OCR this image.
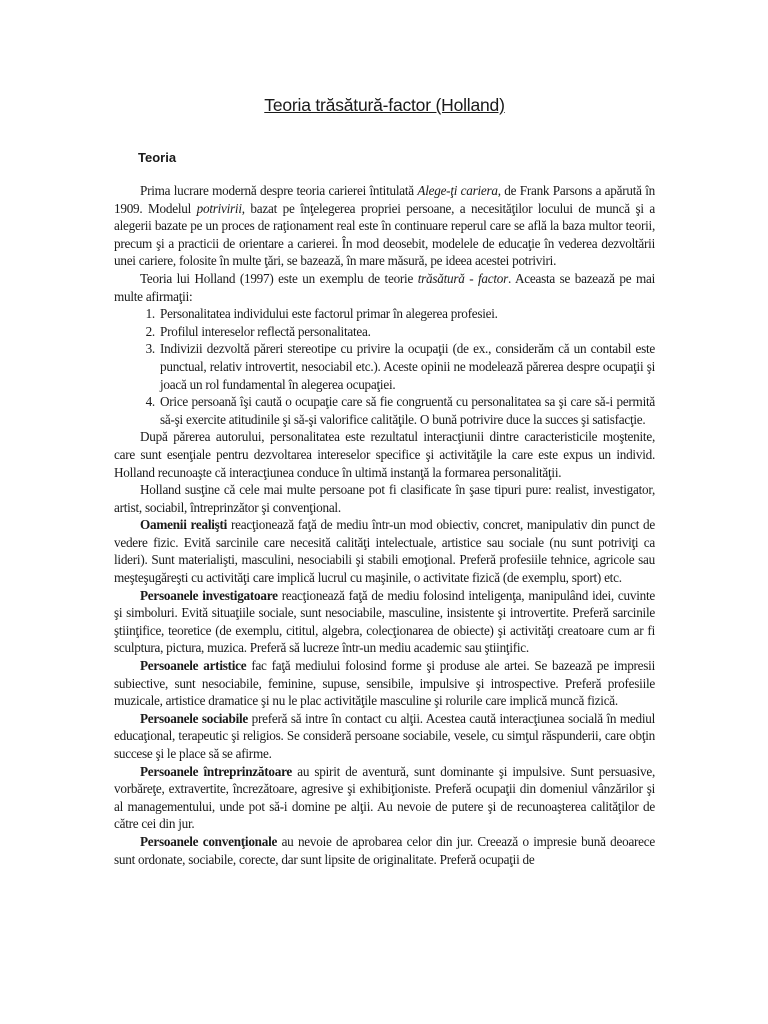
Teoria trăsătură-factor (Holland)
Teoria

Prima lucrare modernă despre teoria carierei întitulată Alege-ţi cariera, de Frank Parsons a apărută în 1909. Modelul potrivirii, bazat pe înţelegerea propriei persoane, a necesităţilor locului de muncă şi a alegerii bazate pe un proces de raţionament real este în continuare reperul care se află la baza multor teorii, precum şi a practicii de orientare a carierei. În mod deosebit, modelele de educaţie în vederea dezvoltării unei cariere, folosite în multe ţări, se bazează, în mare măsură, pe ideea acestei potriviri.

Teoria lui Holland (1997) este un exemplu de teorie trăsătură - factor. Aceasta se bazează pe mai multe afirmaţii:

1. Personalitatea individului este factorul primar în alegerea profesiei.
2. Profilul intereselor reflectă personalitatea.
3. Indivizii dezvoltă păreri stereotipe cu privire la ocupaţii (de ex., considerăm că un contabil este punctual, relativ introvertit, nesociabil etc.). Aceste opinii ne modelează părerea despre ocupaţii şi joacă un rol fundamental în alegerea ocupaţiei.
4. Orice persoană îşi caută o ocupaţie care să fie congruentă cu personalitatea sa şi care să-i permită să-şi exercite atitudinile şi să-şi valorifice calităţile. O bună potrivire duce la succes şi satisfacţie.

După părerea autorului, personalitatea este rezultatul interacţiunii dintre caracteristicile moştenite, care sunt esenţiale pentru dezvoltarea intereselor specifice şi activităţile la care este expus un individ. Holland recunoaşte că interacţiunea conduce în ultimă instanţă la formarea personalităţii.

Holland susţine că cele mai multe persoane pot fi clasificate în şase tipuri pure: realist, investigator, artist, sociabil, întreprinzător şi convenţional.

Oamenii realişti reacţionează faţă de mediu într-un mod obiectiv, concret, manipulativ din punct de vedere fizic. Evită sarcinile care necesită calităţi intelectuale, artistice sau sociale (nu sunt potriviţi ca lideri). Sunt materialişti, masculini, nesociabili şi stabili emoţional. Preferă profesiile tehnice, agricole sau meşteşugăreşti cu activităţi care implică lucrul cu maşinile, o activitate fizică (de exemplu, sport) etc.

Persoanele investigatoare reacţionează faţă de mediu folosind inteligenţa, manipulând idei, cuvinte şi simboluri. Evită situaţiile sociale, sunt nesociabile, masculine, insistente şi introvertite. Preferă sarcinile ştiinţifice, teoretice (de exemplu, cititul, algebra, colecţionarea de obiecte) şi activităţi creatoare cum ar fi sculptura, pictura, muzica. Preferă să lucreze într-un mediu academic sau ştiinţific.

Persoanele artistice fac faţă mediului folosind forme şi produse ale artei. Se bazează pe impresii subiective, sunt nesociabile, feminine, supuse, sensibile, impulsive şi introspective. Preferă profesiile muzicale, artistice dramatice şi nu le plac activităţile masculine şi rolurile care implică muncă fizică.

Persoanele sociabile preferă să intre în contact cu alţii. Acestea caută interacţiunea socială în mediul educaţional, terapeutic şi religios. Se consideră persoane sociabile, vesele, cu simţul răspunderii, care obţin succese şi le place să se afirme.

Persoanele întreprinzătoare au spirit de aventură, sunt dominante şi impulsive. Sunt persuasive, vorbăreţe, extravertite, încrezătoare, agresive şi exhibiţioniste. Preferă ocupaţii din domeniul vânzărilor şi al managementului, unde pot să-i domine pe alţii. Au nevoie de putere şi de recunoaşterea calităţilor de către cei din jur.

Persoanele convenţionale au nevoie de aprobarea celor din jur. Creează o impresie bună deoarece sunt ordonate, sociabile, corecte, dar sunt lipsite de originalitate. Preferă ocupaţii de
